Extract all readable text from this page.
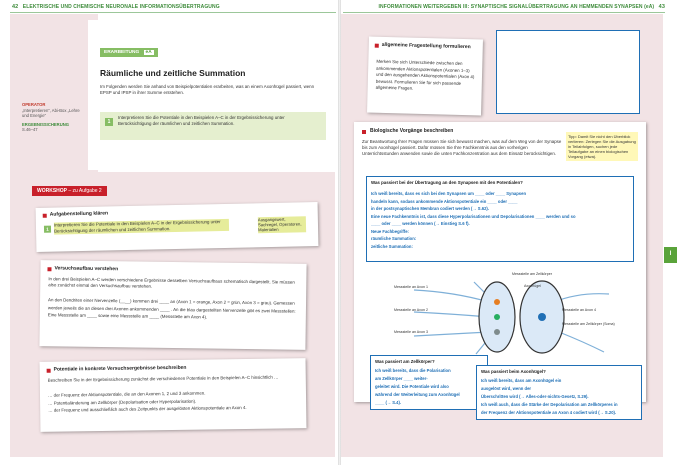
42 ELEKTRISCHE UND CHEMISCHE NEURONALE INFORMATIONSÜBERTRAGUNG	INFORMATIONEN WEITERGEBEN III: SYNAPTISCHE SIGNALÜBERTRAGUNG AN HEMMENDEN SYNAPSEN (eA) 43
ERARBEITUNG eA
Räumliche und zeitliche Summation
Im Folgenden werden Sie anhand von Beispielpotentialen erarbeiten, was an einem Axonhügel passiert, wenn EPSP und IPSP in ihrer Summe entstehen.
1
Interpretieren Sie die Potentiale in den Beispielen A–C in der Ergebnissicherung unter Berücksichtigung der räumlichen und zeitlichen Summation.
OPERATOR
„Interpretieren“, Abi-Box „Lehre und Energie“
ERGEBNISSICHERUNG
S.46–47
WORKSHOP – zu Aufgabe 2
Aufgabenstellung klären
1
Interpretieren Sie die Potentiale in den Beispielen A–C in der Ergebnissicherung unter Berücksichtigung der räumlichen und zeitlichen Summation.
Ausgangswert, Sachregel, Operatoren, Materialien
Versuchsaufbau verstehen
In den drei Beispielen A–C werden verschiedene Ergebnisse desselben Versuchsaufbaus schematisch dargestellt. Sie müssen also zunächst einmal den Versuchsaufbau verstehen.
An den Dendriten einer Nervenzelle (____) kommen drei ____ an (Axon 1 = orange, Axon 2 = grün, Axon 3 = grau). Gemessen werden jeweils die an diesen drei Axonen ankommenden ____ . An die blau dargestellten Nervenzelle gibt es zwei Messstellen: Eine Messstelle am ____ sowie eine Messstelle am ____ (Messstelle am Axon 4).
Potentiale in konkrete Versuchsergebnisse beschreiben
Beschreiben Sie in der Ergebnissicherung zunächst die verschiedenen Potentiale in den Beispielen A–C hinsichtlich …
… der Frequenz der Aktionspotentiale, die an den Axonen 1, 2 und 3 ankommen.
… Potentialänderung am Zellkörper (Depolarisation oder Hyperpolarisation).
… der Frequenz und ausschließlich auch des Zeitpunkts der ausgelösten Aktionspotentiale an Axon 4.
allgemeine Fragestellung formulieren
Merken Sie sich Unterschiede zwischen den ankommenden Aktionspotentialen (Axonen 1–3) und den ausgehenden Aktionspotentialen (Axon 4) bewusst. Formulieren Sie für sich passende allgemeine Fragen.
Biologische Vorgänge beschreiben
Zur Beantwortung Ihrer Fragen müssen Sie sich bewusst machen, was auf dem Weg von der Synapse bis zum Axonhügel passiert. Dafür müssen Sie Ihre Fachkenntnis aus den vorherigen Unterrichtsstunden anwenden sowie die unten Fachkonzentration aus dem Einsatz berücksichtigen.
Tipp: Damit Sie nicht den Überblick verlieren: Zerlegen Sie die Ausgabung in Teilabfolgen, suchen jede Teilaufgabe an einen biologischen Vorgang (etwa).
Was passiert bei der Übertragung an den Synapsen mit den Potentialen?
Ich weiß bereits, dass es sich bei den Synapsen um ____ oder ____ Synapsen
handeln kann, sodass ankommende Aktionspotentiale ein ____ oder ____
in der postsynaptischen Membran codiert werden (→ S.62).
Eine neue Fachkenntnis ist, dass diese Hyperpolarisationen und Depolarisationen ____ werden und so
____ oder ____ werden können (→ Einstieg S.6 f).
Neue Fachbegriffe:
räumliche Summation:
zeitliche Summation:
Messstelle an Axon 1
Messstelle an Axon 2
Messstelle an Axon 3
Messstelle am Zellkörper
Axonhügel
Messstelle an Axon 4
Messstelle am Zellkörper (Soma)
Was passiert am Zellkörper?
Ich weiß bereits, dass die Polarisation
am Zellkörper ____ weiter-
geleitet wird. Die Potentiale wird also
während der Weiterleitung zum Axonhügel
____ (→ S.4).
Was passiert beim Axonhügel?
Ich weiß bereits, dass am Axonhügel ein
ausgelöst wird, wenn der
Überschritten wird (→ Alles-oder-nichts-Gesetz, S.29).
Ich weiß auch, dass die Stärke der Depolarisation am Zellkörperes in
der Frequenz der Aktionspotentiale an Axon 4 codiert wird (→ S.20).
I
